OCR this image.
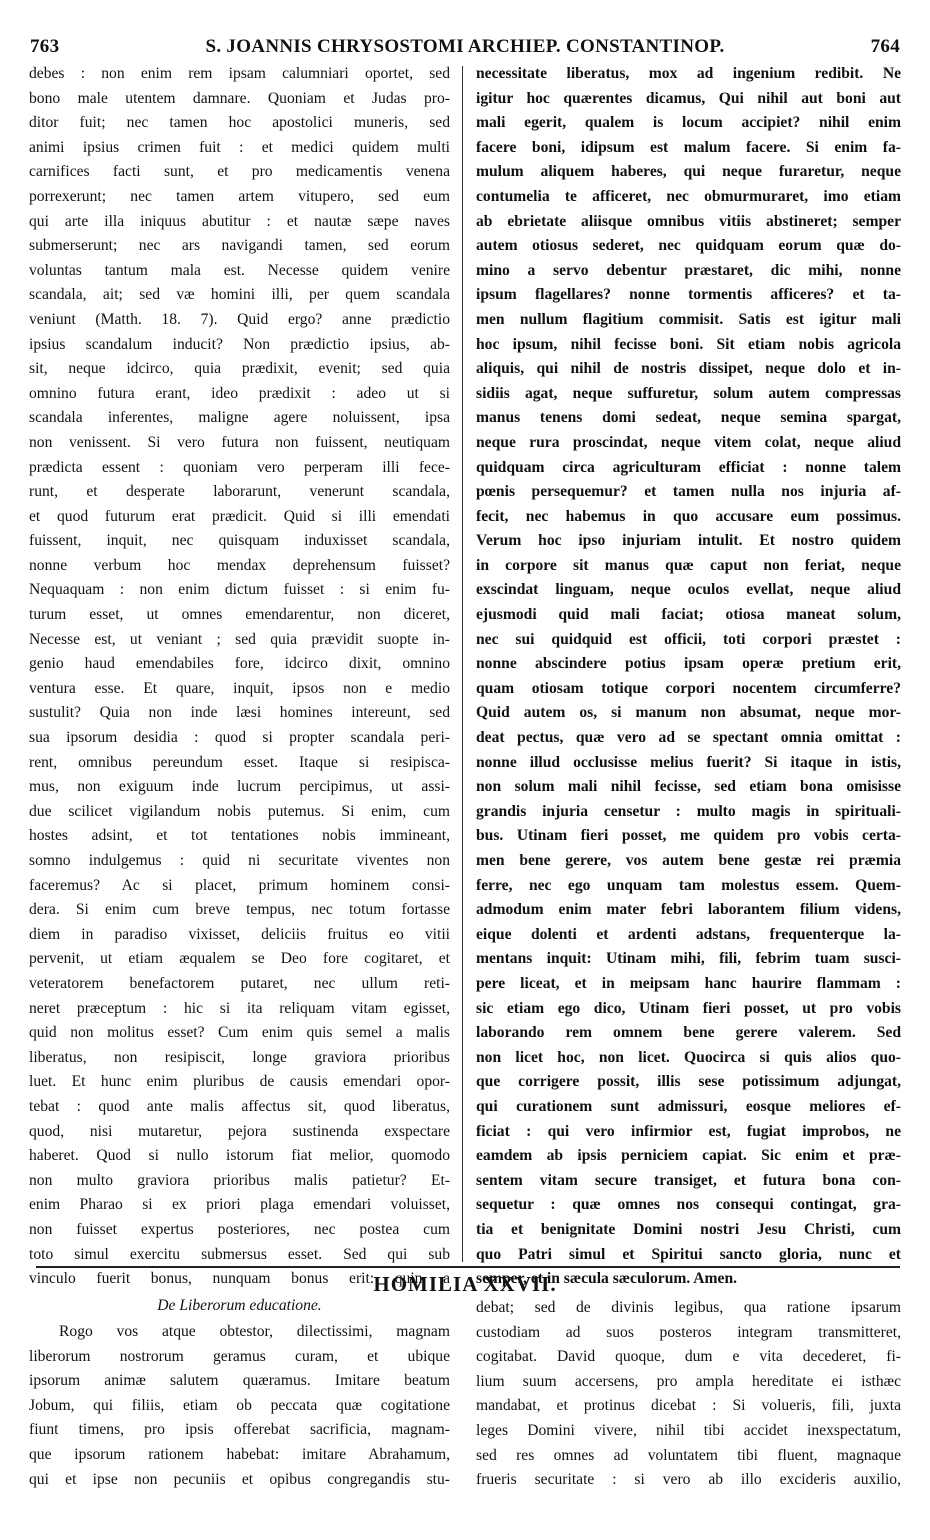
763	S. JOANNIS CHRYSOSTOMI ARCHIEP. CONSTANTINOP.	764

debes : non enim rem ipsam calumniari oportet, sed

bono male utentem damnare. Quoniam et Judas pro-

ditor fuit; nec tamen hoc apostolici muneris, sed

animi ipsius crimen fuit : et medici quidem multi

carnifices facti sunt, et pro medicamentis venena

porrexerunt; nec tamen artem vitupero, sed eum

qui arte illa iniquus abutitur : et nautæ sæpe naves

submerserunt; nec ars navigandi tamen, sed eorum

voluntas tantum mala est. Necesse quidem venire

scandala, ait; sed væ homini illi, per quem scandala

veniunt (Matth. 18. 7). Quid ergo? anne prædictio

ipsius scandalum inducit? Non prædictio ipsius, ab-

sit, neque idcirco, quia prædixit, evenit; sed quia

omnino futura erant, ideo prædixit : adeo ut si

scandala inferentes, maligne agere noluissent, ipsa

non venissent. Si vero futura non fuissent, neutiquam

prædicta essent : quoniam vero perperam illi fece-

runt, et desperate laborarunt, venerunt scandala,

et quod futurum erat prædicit. Quid si illi emendati

fuissent, inquit, nec quisquam induxisset scandala,

nonne verbum hoc mendax deprehensum fuisset?

Nequaquam : non enim dictum fuisset : si enim fu-

turum esset, ut omnes emendarentur, non diceret,

Necesse est, ut veniant ; sed quia prævidit suopte in-

genio haud emendabiles fore, idcirco dixit, omnino

ventura esse. Et quare, inquit, ipsos non e medio

sustulit? Quia non inde læsi homines intereunt, sed

sua ipsorum desidia : quod si propter scandala peri-

rent, omnibus pereundum esset. Itaque si resipisca-

mus, non exiguum inde lucrum percipimus, ut assi-

due scilicet vigilandum nobis putemus. Si enim, cum

hostes adsint, et tot tentationes nobis immineant,

somno indulgemus : quid ni securitate viventes non

faceremus? Ac si placet, primum hominem consi-

dera. Si enim cum breve tempus, nec totum fortasse

diem in paradiso vixisset, deliciis fruitus eo vitii

pervenit, ut etiam æqualem se Deo fore cogitaret, et

veteratorem benefactorem putaret, nec ullum reti-

neret præceptum : hic si ita reliquam vitam egisset,

quid non molitus esset? Cum enim quis semel a malis

liberatus, non resipiscit, longe graviora prioribus

luet. Et hunc enim pluribus de causis emendari opor-

tebat : quod ante malis affectus sit, quod liberatus,

quod, nisi mutaretur, pejora sustinenda exspectare

haberet. Quod si nullo istorum fiat melior, quomodo

non multo graviora prioribus malis patietur? Et-

enim Pharao si ex priori plaga emendari voluisset,

non fuisset expertus posteriores, nec postea cum

toto simul exercitu submersus esset. Sed qui sub

vinculo fuerit bonus, nunquam bonus erit: quin a

necessitate liberatus, mox ad ingenium redibit. Ne

igitur hoc quærentes dicamus, Qui nihil aut boni aut

mali egerit, qualem is locum accipiet? nihil enim

facere boni, idipsum est malum facere. Si enim fa-

mulum aliquem haberes, qui neque furaretur, neque

contumelia te afficeret, nec obmurmuraret, imo etiam

ab ebrietate aliisque omnibus vitiis abstineret; semper

autem otiosus sederet, nec quidquam eorum quæ do-

mino a servo debentur præstaret, dic mihi, nonne

ipsum flagellares? nonne tormentis afficeres? et ta-

men nullum flagitium commisit. Satis est igitur mali

hoc ipsum, nihil fecisse boni. Sit etiam nobis agricola

aliquis, qui nihil de nostris dissipet, neque dolo et in-

sidiis agat, neque suffuretur, solum autem compressas

manus tenens domi sedeat, neque semina spargat,

neque rura proscindat, neque vitem colat, neque aliud

quidquam circa agriculturam efficiat : nonne talem

pœnis persequemur? et tamen nulla nos injuria af-

fecit, nec habemus in quo accusare eum possimus.

Verum hoc ipso injuriam intulit. Et nostro quidem

in corpore sit manus quæ caput non feriat, neque

exscindat linguam, neque oculos evellat, neque aliud

ejusmodi quid mali faciat; otiosa maneat solum,

nec sui quidquid est officii, toti corpori præstet :

nonne abscindere potius ipsam operæ pretium erit,

quam otiosam totique corpori nocentem circumferre?

Quid autem os, si manum non absumat, neque mor-

deat pectus, quæ vero ad se spectant omnia omittat :

nonne illud occlusisse melius fuerit? Si itaque in istis,

non solum mali nihil fecisse, sed etiam bona omisisse

grandis injuria censetur : multo magis in spirituali-

bus. Utinam fieri posset, me quidem pro vobis certa-

men bene gerere, vos autem bene gestæ rei præmia

ferre, nec ego unquam tam molestus essem. Quem-

admodum enim mater febri laborantem filium videns,

eique dolenti et ardenti adstans, frequenterque la-

mentans inquit: Utinam mihi, fili, febrim tuam susci-

pere liceat, et in meipsam hanc haurire flammam :

sic etiam ego dico, Utinam fieri posset, ut pro vobis

laborando rem omnem bene gerere valerem. Sed

non licet hoc, non licet. Quocirca si quis alios quo-

que corrigere possit, illis sese potissimum adjungat,

qui curationem sunt admissuri, eosque meliores ef-

ficiat : qui vero infirmior est, fugiat improbos, ne

eamdem ab ipsis perniciem capiat. Sic enim et præ-

sentem vitam secure transiget, et futura bona con-

sequetur : quæ omnes nos consequi contingat, gra-

tia et benignitate Domini nostri Jesu Christi, cum

quo Patri simul et Spiritui sancto gloria, nunc et

semper, et in sæcula sæculorum. Amen.

HOMILIA XXVII.
De Liberorum educatione.

Rogo vos atque obtestor, dilectissimi, magnam

liberorum nostrorum geramus curam, et ubique

ipsorum animæ salutem quæramus. Imitare beatum

Jobum, qui filiis, etiam ob peccata quæ cogitatione

fiunt timens, pro ipsis offerebat sacrificia, magnam-

que ipsorum rationem habebat: imitare Abrahamum,

qui et ipse non pecuniis et opibus congregandis stu-

debat; sed de divinis legibus, qua ratione ipsarum

custodiam ad suos posteros integram transmitteret,

cogitabat. David quoque, dum e vita decederet, fi-

lium suum accersens, pro ampla hereditate ei isthæc

mandabat, et protinus dicebat : Si volueris, fili, juxta

leges Domini vivere, nihil tibi accidet inexspectatum,

sed res omnes ad voluntatem tibi fluent, magnaque

frueris securitate : si vero ab illo excideris auxilio,
